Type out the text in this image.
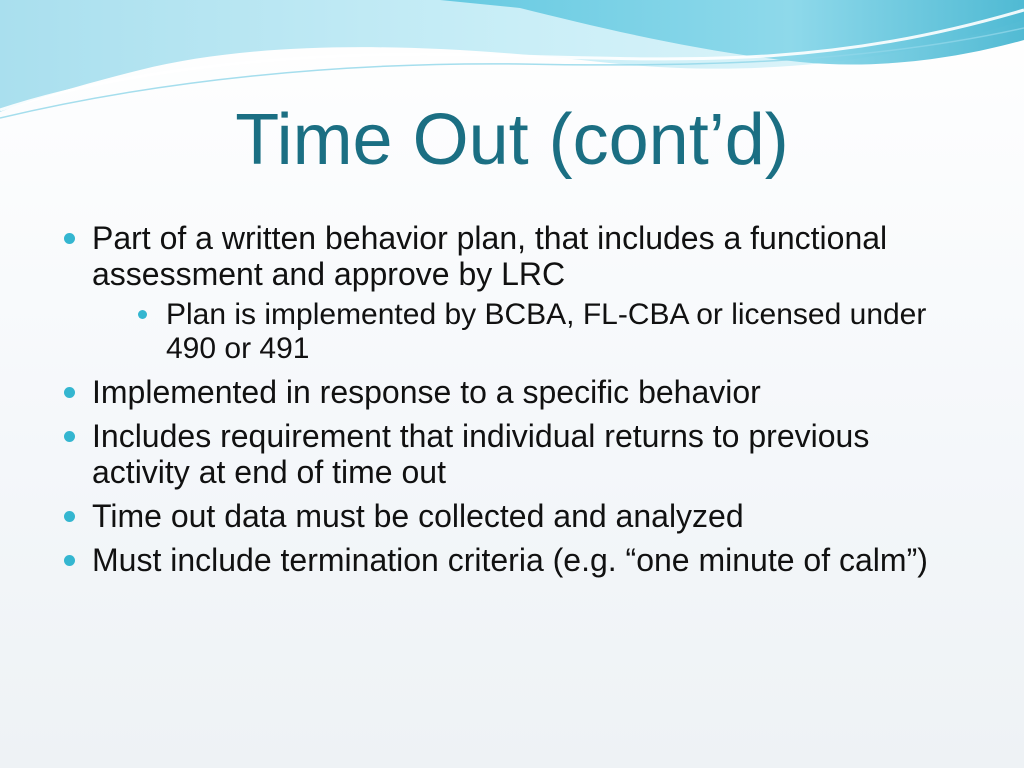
Time Out (cont’d)
Part of a written behavior plan, that includes a functional assessment and approve by LRC
Plan is implemented by BCBA, FL-CBA or licensed under 490 or 491
Implemented in response to a specific behavior
Includes requirement that individual returns to previous activity at end of time out
Time out data must be collected and analyzed
Must include termination criteria (e.g. “one minute of calm”)
